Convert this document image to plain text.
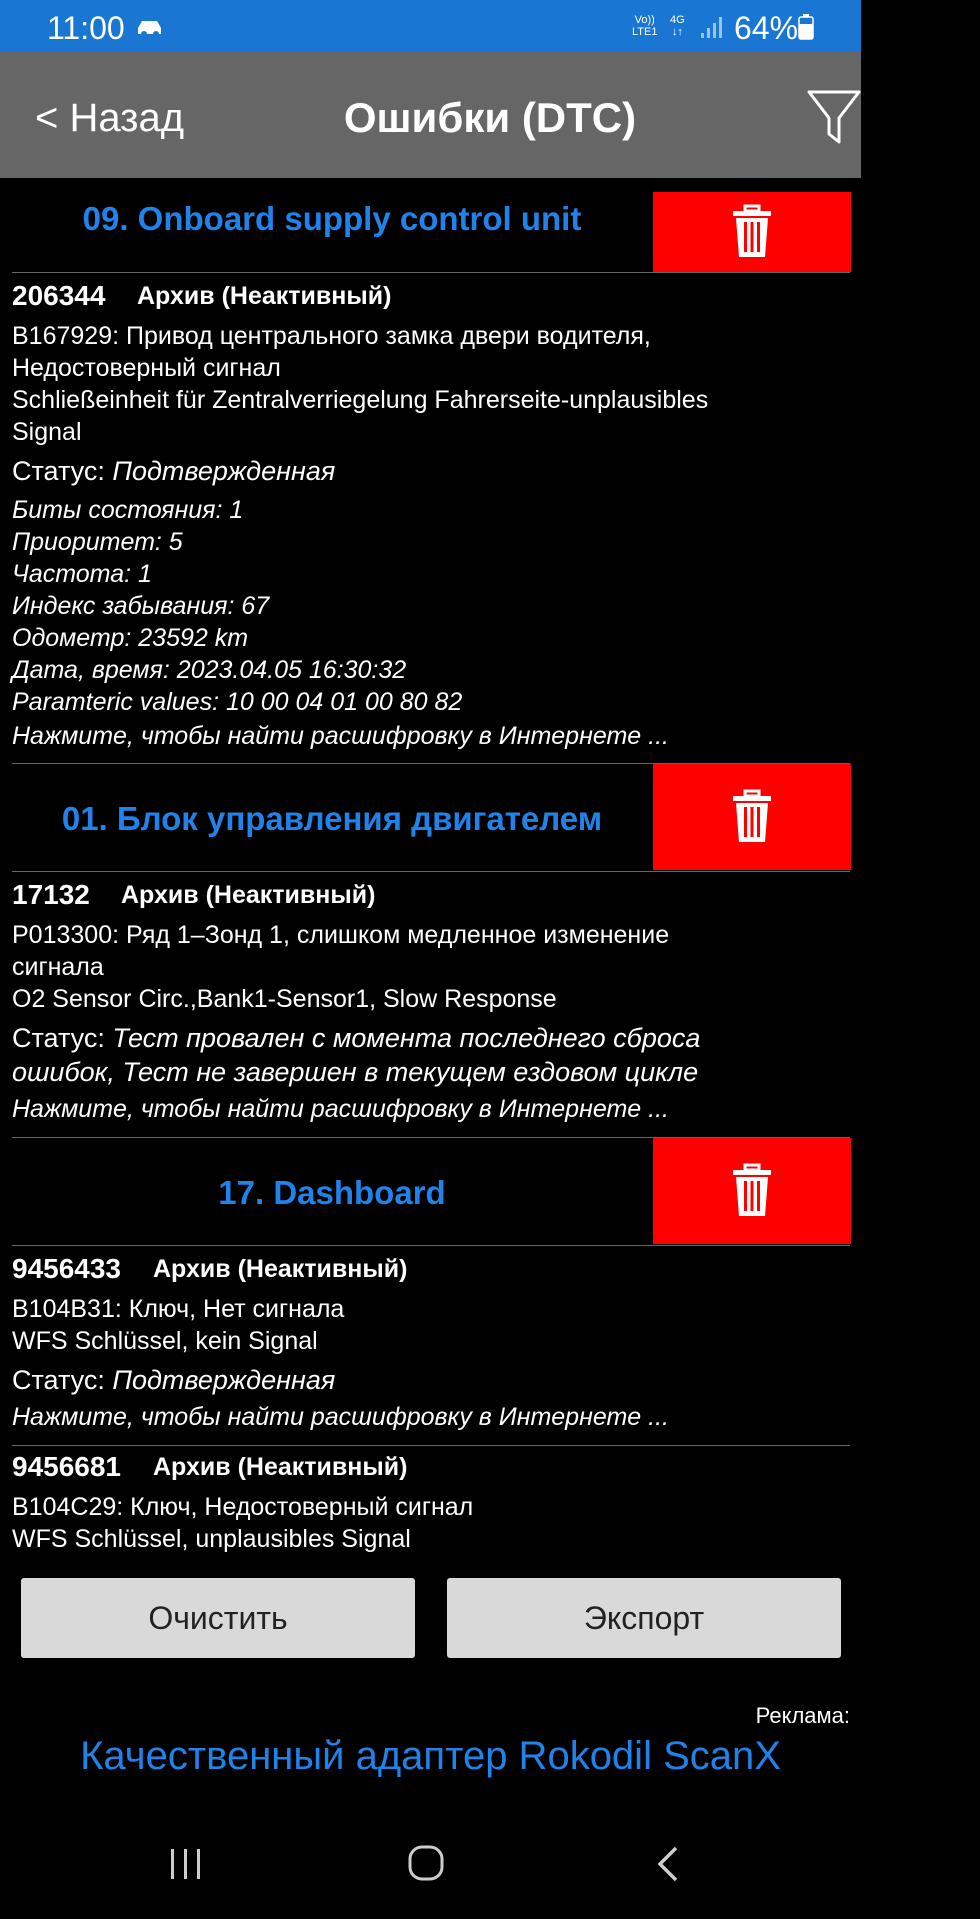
11:00	Vo))
LTE1
4G
↓↑ 64%
< Назад	Ошибки (DTC)
09. Onboard supply control unit
206344 Архив (Неактивный)
B167929: Привод центрального замка двери водителя,
Недостоверный сигнал
Schließeinheit für Zentralverriegelung Fahrerseite-unplausibles
Signal
Статус: Подтвержденная
Биты состояния: 1
Приоритет: 5
Частота: 1
Индекс забывания: 67
Одометр: 23592 km
Дата, время: 2023.04.05 16:30:32
Paramteric values: 10 00 04 01 00 80 82
Нажмите, чтобы найти расшифровку в Интернете ...
01. Блок управления двигателем
17132 Архив (Неактивный)
P013300: Ряд 1–Зонд 1, слишком медленное изменение
сигнала
O2 Sensor Circ.,Bank1-Sensor1, Slow Response
Статус: Тест провален с момента последнего сброса
ошибок, Тест не завершен в текущем ездовом цикле
Нажмите, чтобы найти расшифровку в Интернете ...
17. Dashboard
9456433 Архив (Неактивный)
B104B31: Ключ, Нет сигнала
WFS Schlüssel, kein Signal
Статус: Подтвержденная
Нажмите, чтобы найти расшифровку в Интернете ...
9456681 Архив (Неактивный)
B104C29: Ключ, Недостоверный сигнал
WFS Schlüssel, unplausibles Signal
Очистить	Экспорт
Реклама:
Качественный адаптер Rokodil ScanX
